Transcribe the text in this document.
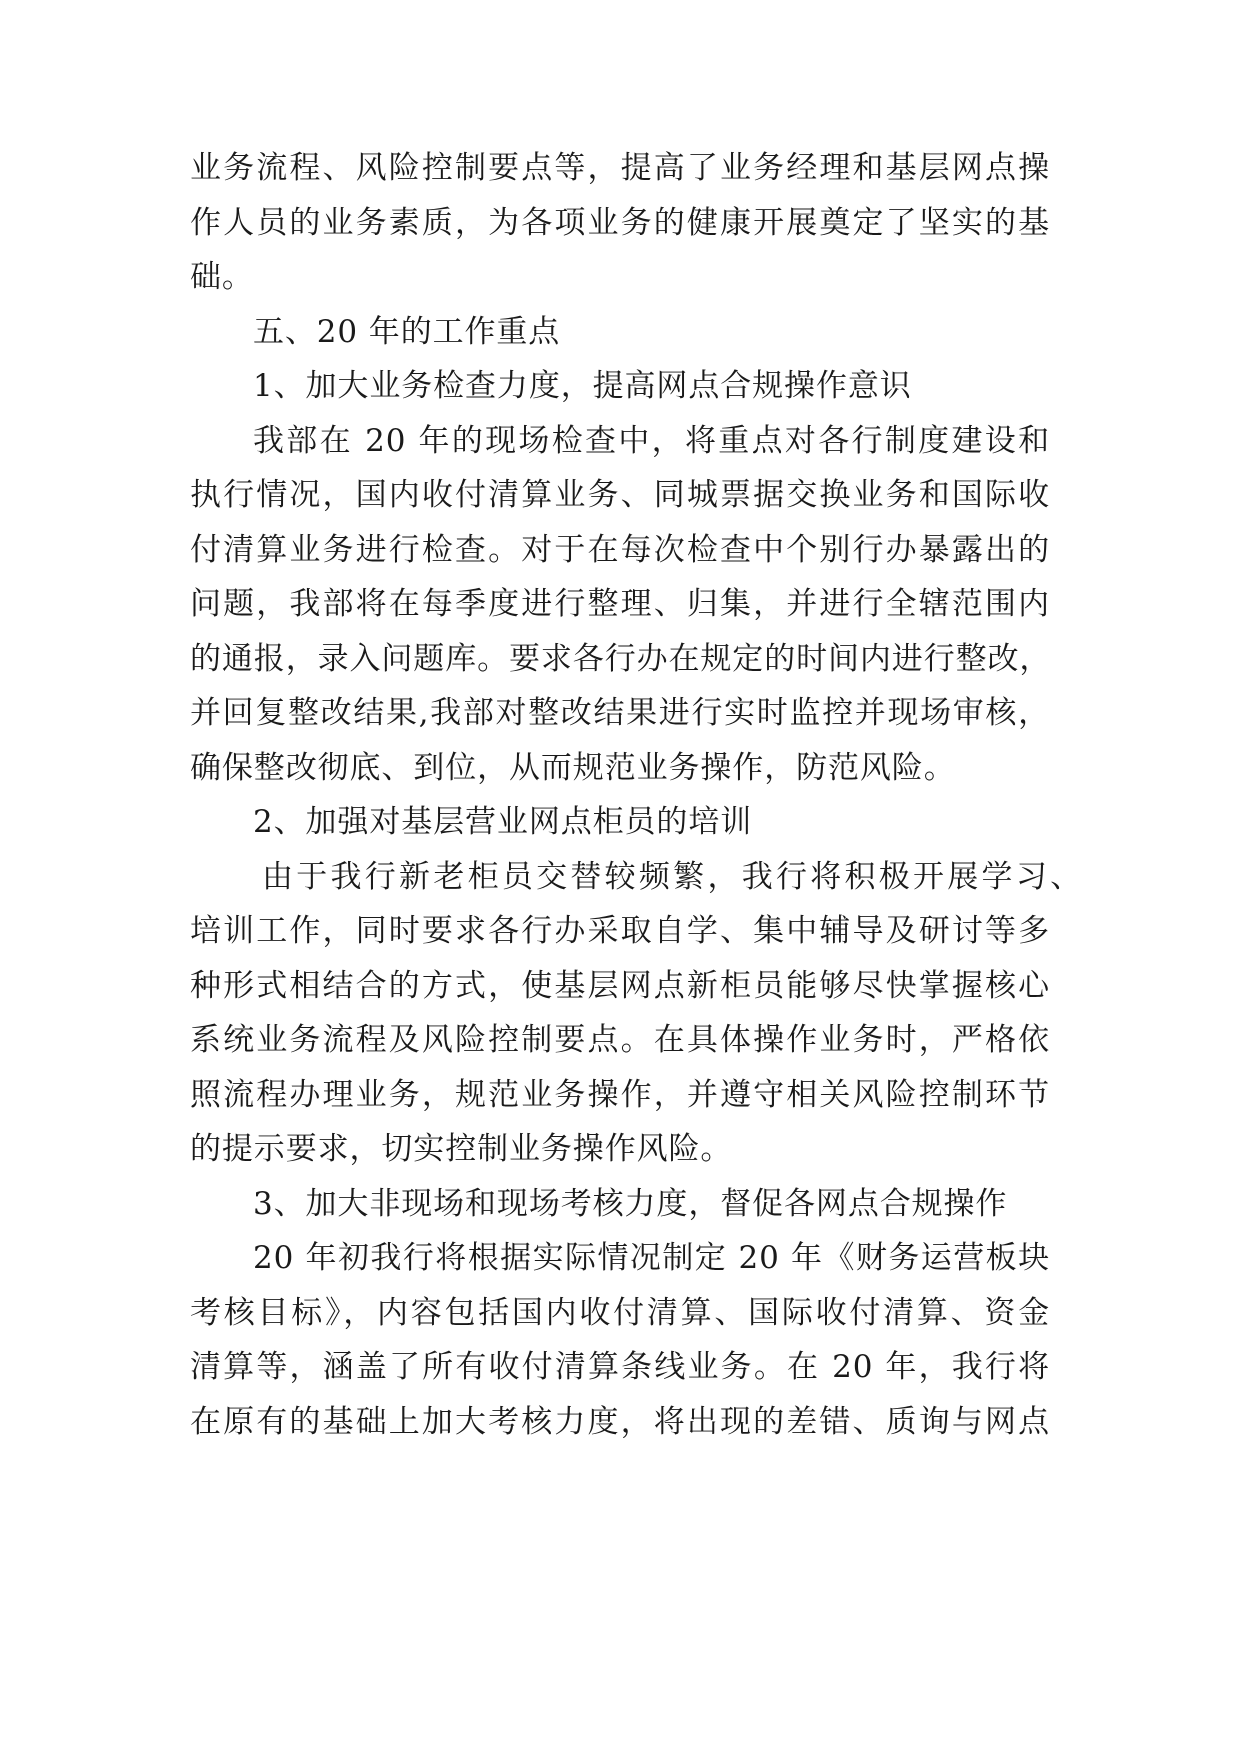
业务流程、风险控制要点等，提高了业务经理和基层网点操
作人员的业务素质，为各项业务的健康开展奠定了坚实的基
础。
五、20 年的工作重点
1、加大业务检查力度，提高网点合规操作意识
我部在 20 年的现场检查中，将重点对各行制度建设和
执行情况，国内收付清算业务、同城票据交换业务和国际收
付清算业务进行检查。对于在每次检查中个别行办暴露出的
问题，我部将在每季度进行整理、归集，并进行全辖范围内
的通报，录入问题库。要求各行办在规定的时间内进行整改，
并回复整改结果,我部对整改结果进行实时监控并现场审核，
确保整改彻底、到位，从而规范业务操作，防范风险。
2、加强对基层营业网点柜员的培训
由于我行新老柜员交替较频繁，我行将积极开展学习、
培训工作，同时要求各行办采取自学、集中辅导及研讨等多
种形式相结合的方式，使基层网点新柜员能够尽快掌握核心
系统业务流程及风险控制要点。在具体操作业务时，严格依
照流程办理业务，规范业务操作，并遵守相关风险控制环节
的提示要求，切实控制业务操作风险。
3、加大非现场和现场考核力度，督促各网点合规操作
20 年初我行将根据实际情况制定 20 年《财务运营板块
考核目标》，内容包括国内收付清算、国际收付清算、资金
清算等，涵盖了所有收付清算条线业务。在 20 年，我行将
在原有的基础上加大考核力度，将出现的差错、质询与网点
